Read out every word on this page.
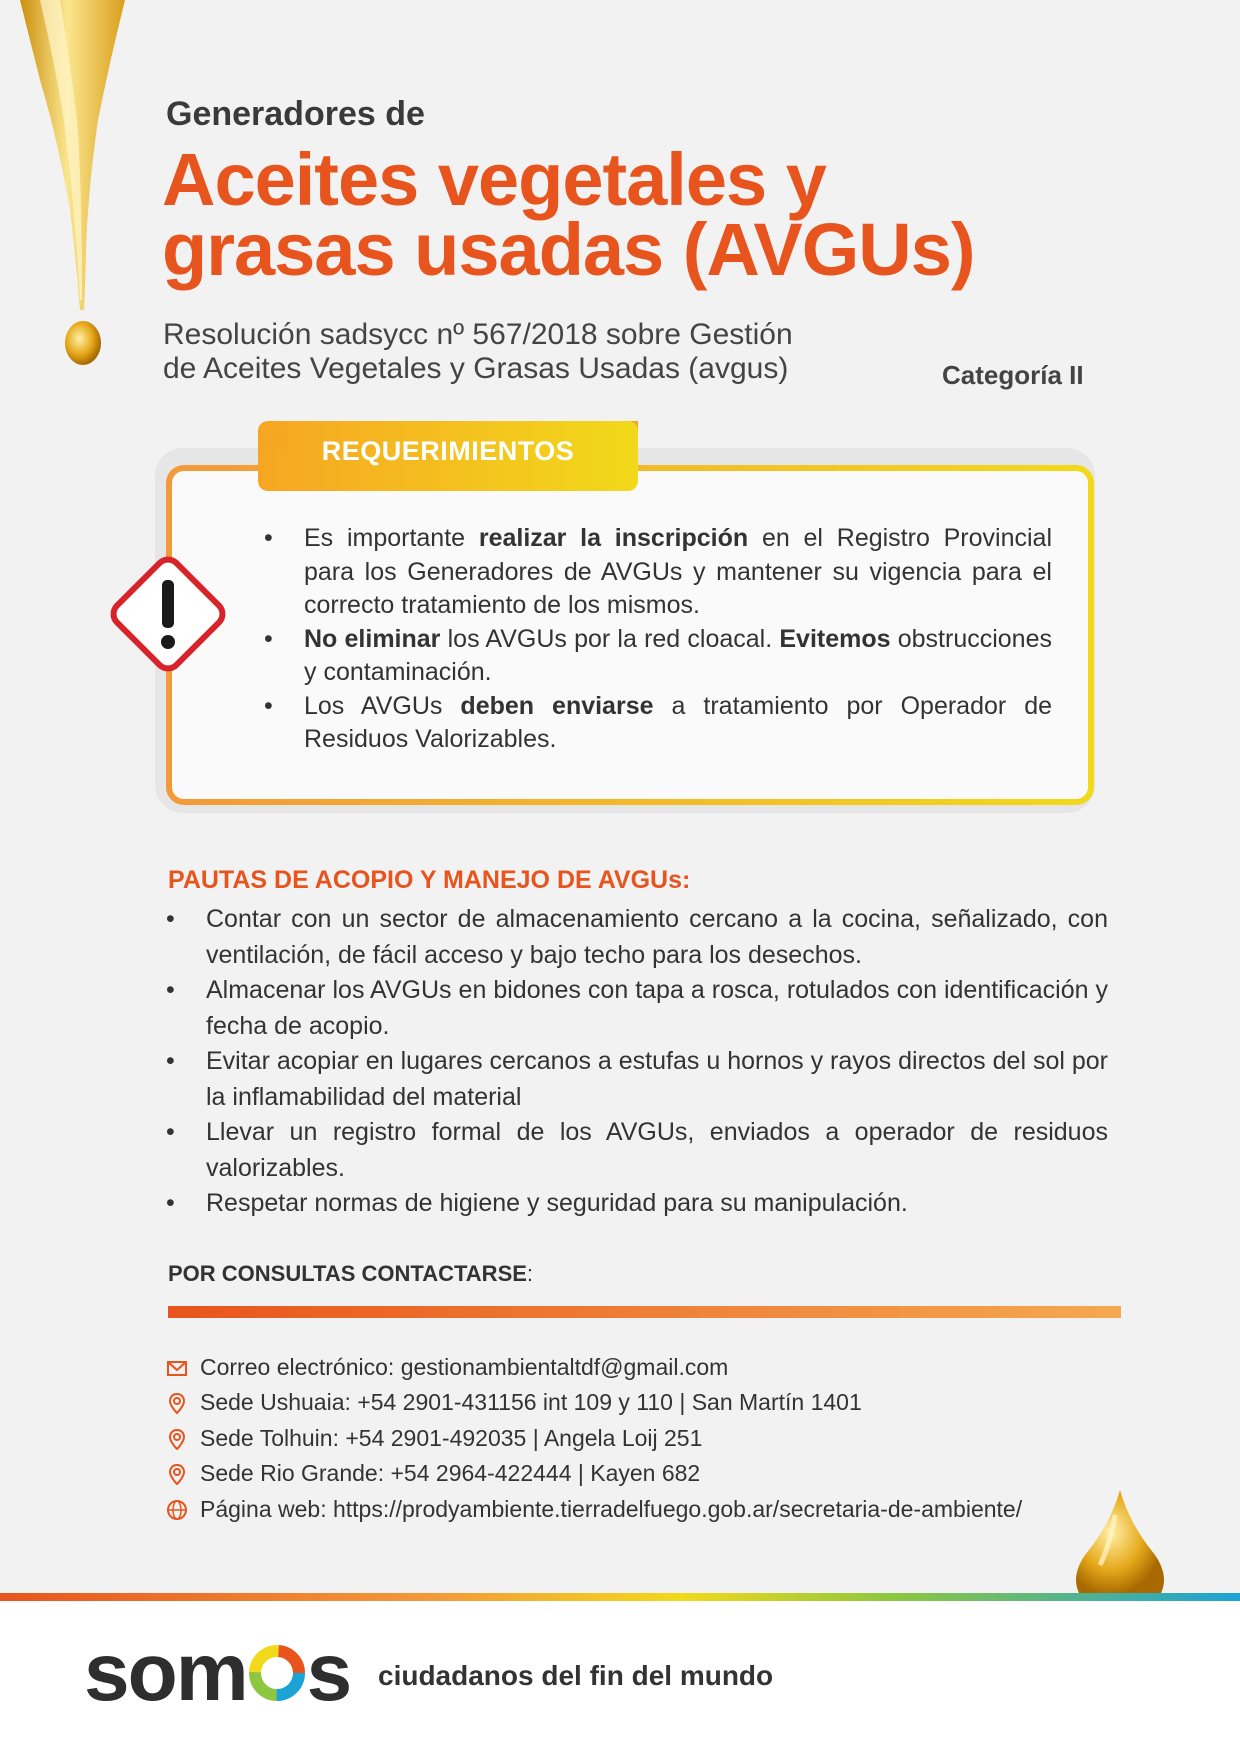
Generadores de
Aceites vegetales y
grasas usadas (AVGUs)
Resolución sadsycc nº 567/2018 sobre Gestión
de Aceites Vegetales y Grasas Usadas (avgus)	Categoría II
REQUERIMIENTOS
• Es importante realizar la inscripción en el Registro Provincial para los Generadores de AVGUs y mantener su vigencia para el correcto tratamiento de los mismos.
• No eliminar los AVGUs por la red cloacal. Evitemos obstrucciones y contaminación.
• Los AVGUs deben enviarse a tratamiento por Operador de Residuos Valorizables.
PAUTAS DE ACOPIO Y MANEJO DE AVGUs:
• Contar con un sector de almacenamiento cercano a la cocina, señalizado, con ventilación, de fácil acceso y bajo techo para los desechos.
• Almacenar los AVGUs en bidones con tapa a rosca, rotulados con identificación y fecha de acopio.
• Evitar acopiar en lugares cercanos a estufas u hornos y rayos directos del sol por la inflamabilidad del material
• Llevar un registro formal de los AVGUs, enviados a operador de residuos valorizables.
• Respetar normas de higiene y seguridad para su manipulación.
POR CONSULTAS CONTACTARSE:
Correo electrónico: gestionambientaltdf@gmail.com
Sede Ushuaia: +54 2901-431156 int 109 y 110 | San Martín 1401
Sede Tolhuin: +54 2901-492035 | Angela Loij 251
Sede Rio Grande: +54 2964-422444 | Kayen 682
Página web: https://prodyambiente.tierradelfuego.gob.ar/secretaria-de-ambiente/
som s ciudadanos del fin del mundo
